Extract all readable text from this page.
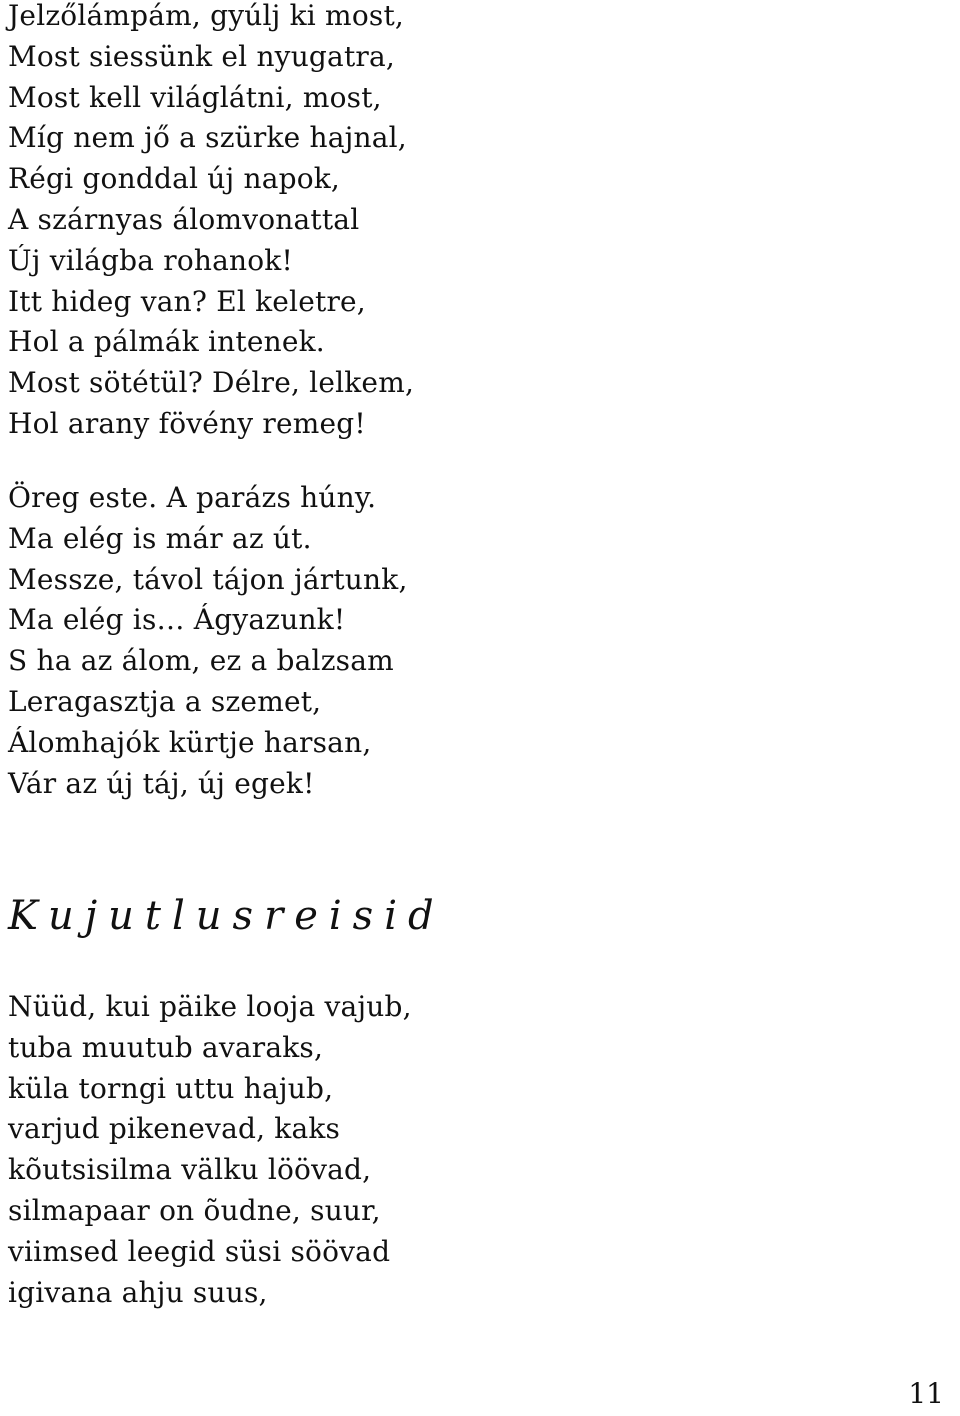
Jelzőlámpám, gyúlj ki most,
Most siessünk el nyugatra,
Most kell világlátni, most,
Míg nem jő a szürke hajnal,
Régi gonddal új napok,
A szárnyas álomvonattal
Új világba rohanok!
Itt hideg van? El keletre,
Hol a pálmák intenek.
Most sötétül? Délre, lelkem,
Hol arany fövény remeg!
Öreg este. A parázs húny.
Ma elég is már az út.
Messze, távol tájon jártunk,
Ma elég is… Ágyazunk!
S ha az álom, ez a balzsam
Leragasztja a szemet,
Álomhajók kürtje harsan,
Vár az új táj, új egek!
Kujutlusreisid
Nüüd, kui päike looja vajub,
tuba muutub avaraks,
küla torngi uttu hajub,
varjud pikenevad, kaks
kõutsisilma välku löövad,
silmapaar on õudne, suur,
viimsed leegid süsi söövad
igivana ahju suus,

11
